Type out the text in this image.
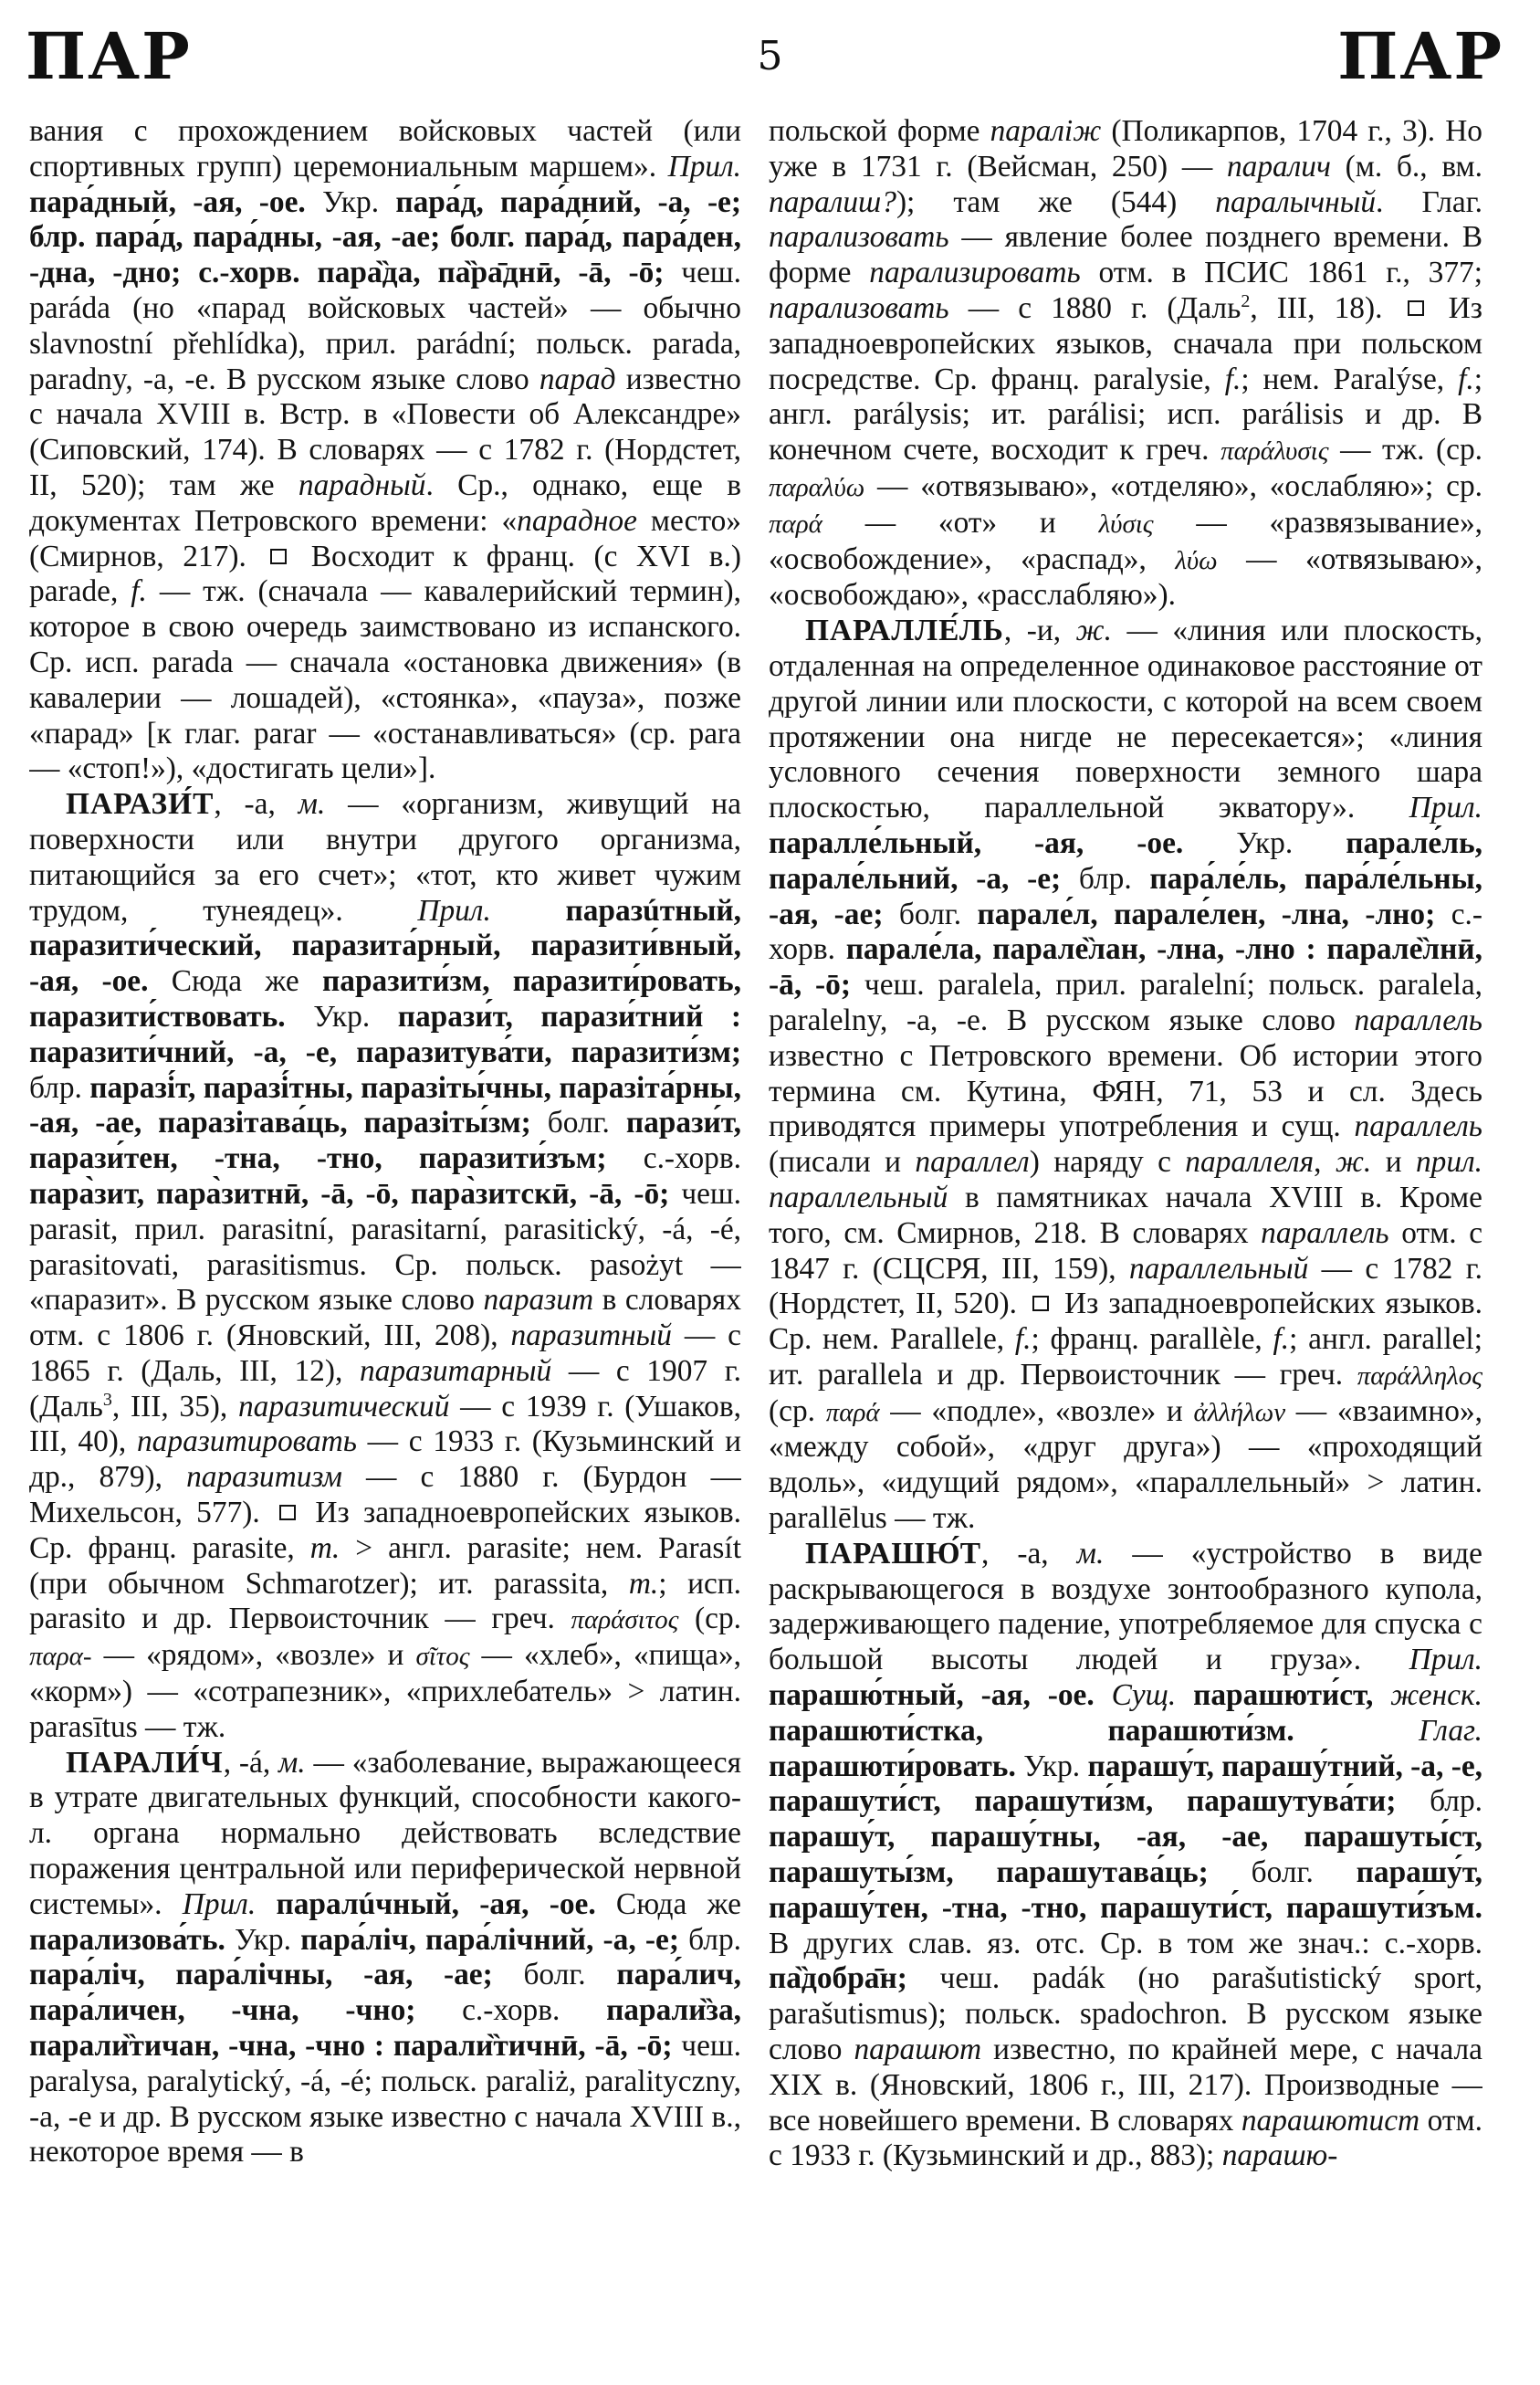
ПАР	5	ПАР

вания с прохождением войсковых частей (или спортивных групп) церемониальным маршем». Прил. пара́дный, -ая, -ое. Укр. пара́д, пара́дний, -а, -е; блр. пара́д, пара́дны, -ая, -ае; болг. пара́д, пара́ден, -дна, -дно; с.-хорв. пара̏да, па̏ра̄днӣ, -ā, -ō; чеш. paráda (но «парад войсковых частей» — обычно slavnostní přehlídka), прил. parádní; польск. parada, paradny, -a, -e. В русском языке слово парад известно с начала XVIII в. Встр. в «Повести об Александре» (Сиповский, 174). В словарях — с 1782 г. (Нордстет, II, 520); там же парадный. Ср., однако, еще в документах Петровского времени: «парадное место» (Смирнов, 217).  Восходит к франц. (с XVI в.) parade, f. — тж. (сначала — кавалерийский термин), которое в свою очередь заимствовано из испанского. Ср. исп. parada — сначала «остановка движения» (в кавалерии — лошадей), «стоянка», «пауза», позже «парад» [к глаг. parar — «останавливаться» (ср. para — «стоп!»), «достигать цели»].

ПАРАЗИ́Т, -а, м. — «организм, живущий на поверхности или внутри другого организма, питающийся за его счет»; «тот, кто живет чужим трудом, тунеядец». Прил. паразúтный, паразити́ческий, паразита́рный, паразити́вный, -ая, -ое. Сюда же паразити́зм, паразити́ровать, паразити́ствовать. Укр. парази́т, парази́тний : паразити́чний, -а, -е, паразитува́ти, паразити́зм; блр. паразі́т, паразі́тны, паразіты́чны, паразіта́рны, -ая, -ае, паразітава́ць, паразіты́зм; болг. парази́т, парази́тен, -тна, -тно, паразити́зъм; с.-хорв. пара̀зит, пара̀зитнӣ, -ā, -ō, пара̀зитскӣ, -ā, -ō; чеш. parasit, прил. parasitní, parasitarní, parasitický, -á, -é, parasitovati, parasitismus. Ср. польск. pasożyt — «паразит». В русском языке слово паразит в словарях отм. с 1806 г. (Яновский, III, 208), паразитный — с 1865 г. (Даль, III, 12), паразитарный — с 1907 г. (Даль$^3$, III, 35), паразитический — с 1939 г. (Ушаков, III, 40), паразитировать — с 1933 г. (Кузьминский и др., 879), паразитизм — с 1880 г. (Бурдон — Михельсон, 577).  Из западноевропейских языков. Ср. франц. parasite, m. > англ. parasite; нем. Parasít (при обычном Schmarotzer); ит. parassita, m.; исп. parasito и др. Первоисточник — греч. παράσιτος (ср. παρα- — «рядом», «возле» и σῖτος — «хлеб», «пища», «корм») — «сотрапезник», «прихлебатель» > латин. parasītus — тж.

ПАРАЛИ́Ч, -á, м. — «заболевание, выражающееся в утрате двигательных функций, способности какого-л. органа нормально действовать вследствие поражения центральной или периферической нервной системы». Прил. паралúчный, -ая, -ое. Сюда же парализова́ть. Укр. пара́ліч, пара́лічний, -а, -е; блр. пара́ліч, пара́лічны, -ая, -ае; болг. пара́лич, пара́личен, -чна, -чно; с.-хорв. парали̏за, парали̏тичан, -чна, -чно : парали̏тичнӣ, -ā, -ō; чеш. paralysa, paralytický, -á, -é; польск. paraliż, paralityczny, -a, -e и др. В русском языке известно с начала XVIII в., некоторое время — в

польской форме параліж (Поликарпов, 1704 г., 3). Но уже в 1731 г. (Вейсман, 250) — паралич (м. б., вм. паралиш?); там же (544) паралычный. Глаг. парализовать — явление более позднего времени. В форме парализировать отм. в ПСИС 1861 г., 377; парализовать — с 1880 г. (Даль$^2$, III, 18).  Из западноевропейских языков, сначала при польском посредстве. Ср. франц. paralysie, f.; нем. Paralýse, f.; англ. parálysis; ит. parálisi; исп. parálisis и др. В конечном счете, восходит к греч. παράλυσις — тж. (ср. παραλύω — «отвязываю», «отделяю», «ослабляю»; ср. παρά — «от» и λύσις — «развязывание», «освобождение», «распад», λύω — «отвязываю», «освобождаю», «расслабляю»).

ПАРАЛЛЕ́ЛЬ, -и, ж. — «линия или плоскость, отдаленная на определенное одинаковое расстояние от другой линии или плоскости, с которой на всем своем протяжении она нигде не пересекается»; «линия условного сечения поверхности земного шара плоскостью, параллельной экватору». Прил. паралле́льный, -ая, -ое. Укр. парале́ль, парале́льний, -а, -е; блр. пара́ле́ль, пара́ле́льны, -ая, -ае; болг. парале́л, парале́лен, -лна, -лно; с.-хорв. парале́ла, парале̏лан, -лна, -лно : парале̏лнӣ, -ā, -ō; чеш. paralela, прил. paralelní; польск. paralela, paralelny, -a, -e. В русском языке слово параллель известно с Петровского времени. Об истории этого термина см. Кутина, ФЯН, 71, 53 и сл. Здесь приводятся примеры употребления и сущ. параллель (писали и параллел) наряду с параллеля, ж. и прил. параллельный в памятниках начала XVIII в. Кроме того, см. Смирнов, 218. В словарях параллель отм. с 1847 г. (СЦСРЯ, III, 159), параллельный — с 1782 г. (Нордстет, II, 520).  Из западноевропейских языков. Ср. нем. Parallele, f.; франц. parallèle, f.; англ. parallel; ит. parallela и др. Первоисточник — греч. παράλληλος (ср. παρά — «подле», «возле» и ἀλλήλων — «взаимно», «между собой», «друг друга») — «проходящий вдоль», «идущий рядом», «параллельный» > латин. parallēlus — тж.

ПАРАШЮ́Т, -а, м. — «устройство в виде раскрывающегося в воздухе зонтообразного купола, задерживающего падение, употребляемое для спуска с большой высоты людей и груза». Прил. парашю́тный, -ая, -ое. Сущ. парашюти́ст, женск. парашюти́стка, парашюти́зм.	Глаг. парашюти́ровать. Укр. парашу́т, парашу́тний, -а, -е, парашути́ст, парашути́зм, парашутува́ти; блр. парашу́т, парашу́тны, -ая, -ае, парашуты́ст, парашуты́зм, парашутава́ць; болг. парашу́т, парашу́тен, -тна, -тно, парашути́ст, парашути́зъм. В других слав. яз. отс. Ср. в том же знач.: с.-хорв. па̏добра̄н; чеш. padák (но parašutistický sport, parašutismus); польск. spadochron. В русском языке слово парашют известно, по крайней мере, с начала XIX в. (Яновский, 1806 г., III, 217). Производные — все новейшего времени. В словарях парашютист отм. с 1933 г. (Кузьминский и др., 883); парашю-
